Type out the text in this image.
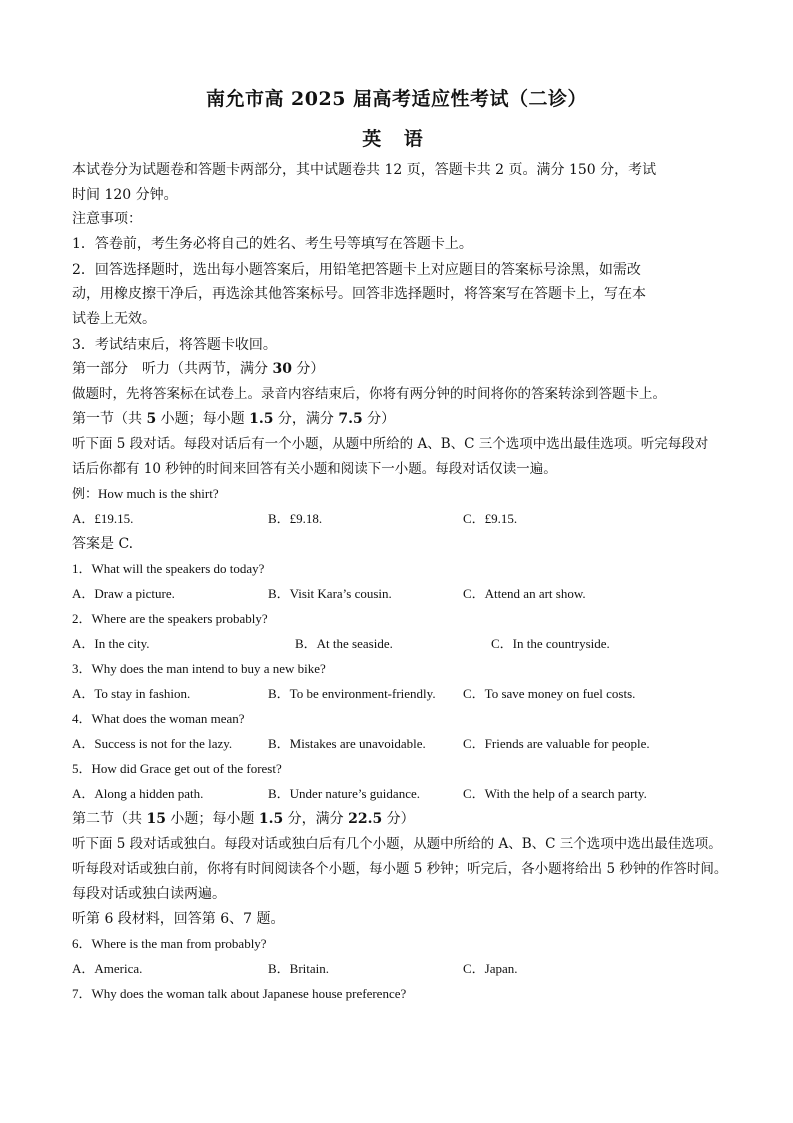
南允市高 2025 届高考适应性考试（二诊）
英 语
本试卷分为试题卷和答题卡两部分，其中试题卷共 12 页，答题卡共 2 页。满分 150 分，考试
时间 120 分钟。
注意事项：
1．答卷前，考生务必将自己的姓名、考生号等填写在答题卡上。
2．回答选择题时，选出每小题答案后，用铅笔把答题卡上对应题目的答案标号涂黑，如需改
动，用橡皮擦干净后，再选涂其他答案标号。回答非选择题时，将答案写在答题卡上，写在本
试卷上无效。
3．考试结束后，将答题卡收回。
第一部分　听力（共两节，满分 30 分）
做题时，先将答案标在试卷上。录音内容结束后，你将有两分钟的时间将你的答案转涂到答题卡上。
第一节（共 5 小题；每小题 1.5 分，满分 7.5 分）
听下面 5 段对话。每段对话后有一个小题，从题中所给的 A、B、C 三个选项中选出最佳选项。听完每段对
话后你都有 10 秒钟的时间来回答有关小题和阅读下一小题。每段对话仅读一遍。
例：How much is the shirt?
A．£19.15.	B．£9.18.	C．£9.15.
答案是 C.
1．What will the speakers do today?
A．Draw a picture.	B．Visit Kara’s cousin.	C．Attend an art show.
2．Where are the speakers probably?
A．In the city.	B．At the seaside.	C．In the countryside.
3．Why does the man intend to buy a new bike?
A．To stay in fashion.	B．To be environment-friendly. C．To save money on fuel costs.
4．What does the woman mean?
A．Success is not for the lazy.	B．Mistakes are unavoidable.	C．Friends are valuable for people.
5．How did Grace get out of the forest?
A．Along a hidden path.	B．Under nature’s guidance.	C．With the help of a search party.
第二节（共 15 小题；每小题 1.5 分，满分 22.5 分）
听下面 5 段对话或独白。每段对话或独白后有几个小题，从题中所给的 A、B、C 三个选项中选出最佳选项。
听每段对话或独白前，你将有时间阅读各个小题，每小题 5 秒钟；听完后，各小题将给出 5 秒钟的作答时间。
每段对话或独白读两遍。
听第 6 段材料，回答第 6、7 题。
6．Where is the man from probably?
A．America.	B．Britain.	C．Japan.
7．Why does the woman talk about Japanese house preference?
